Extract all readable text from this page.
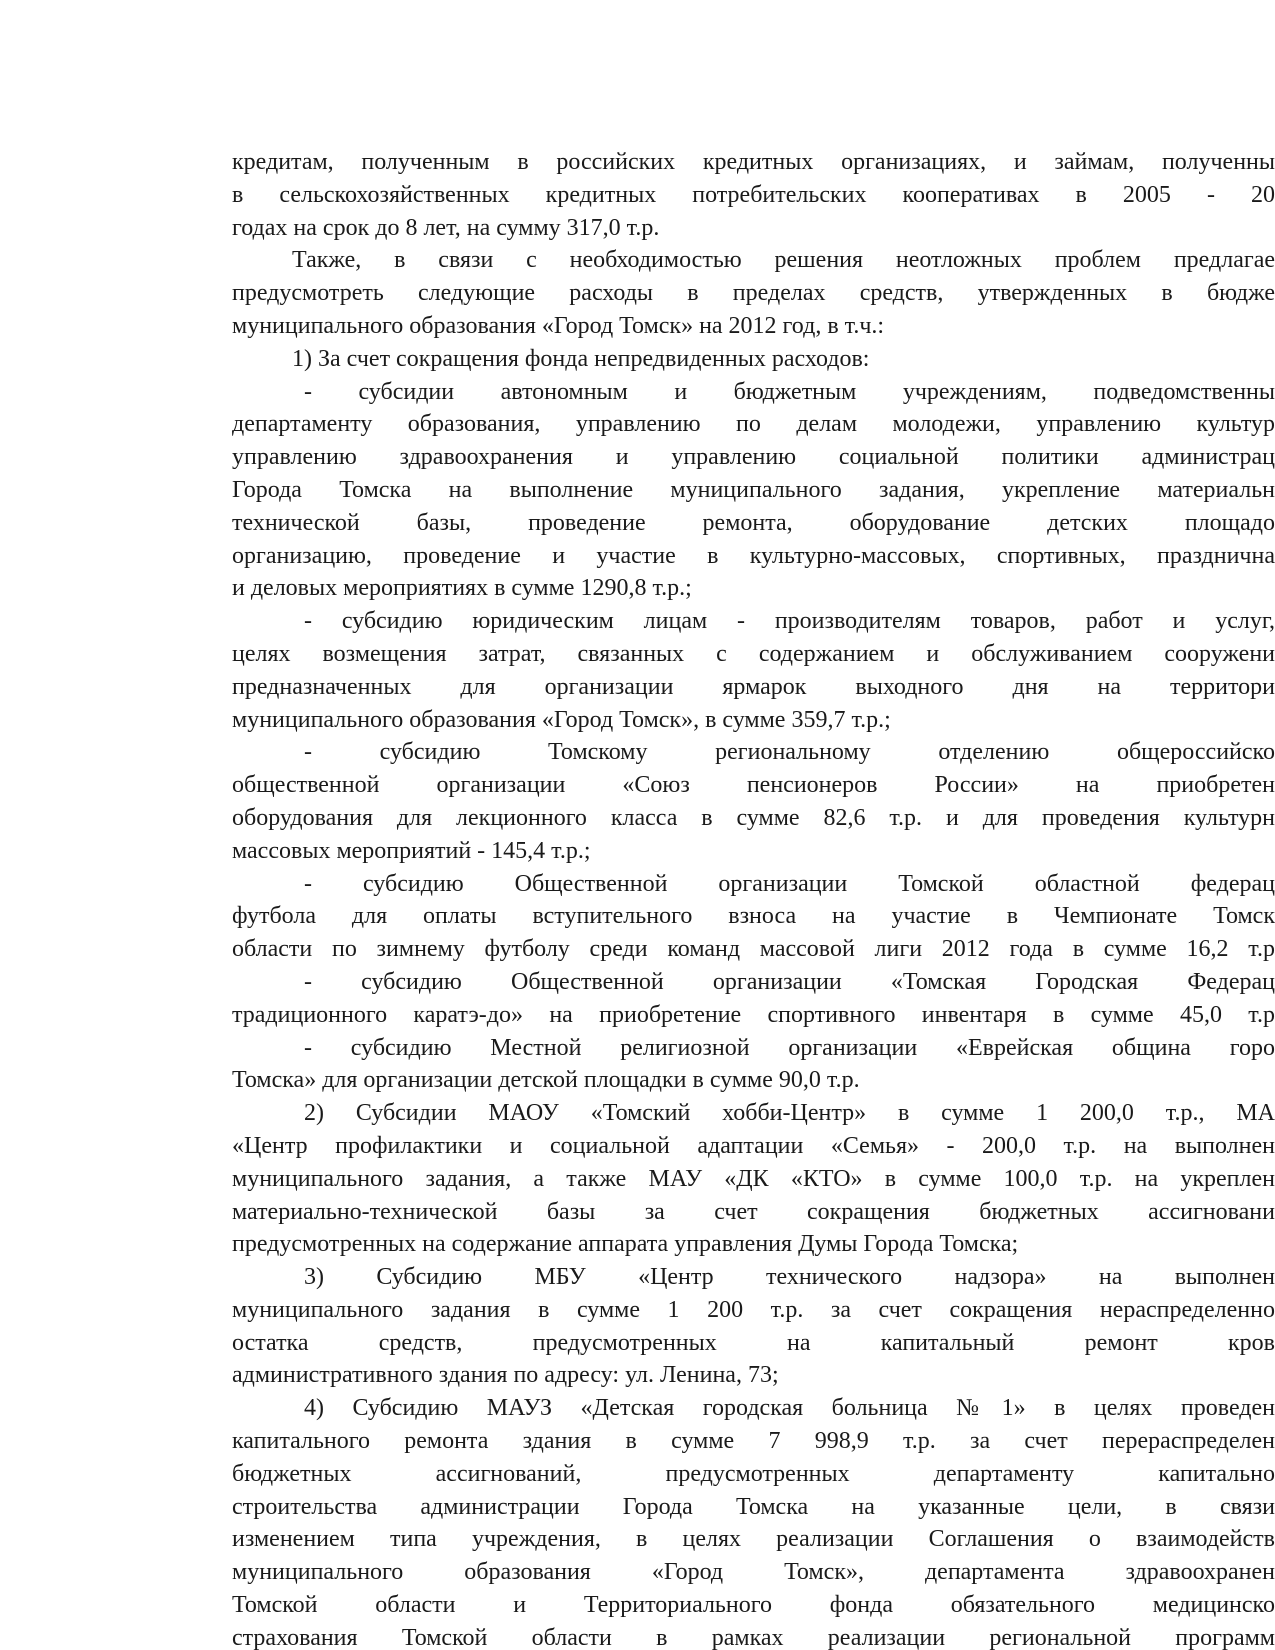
кредитам, полученным в российских кредитных организациях, и займам, полученны
в сельскохозяйственных кредитных потребительских кооперативах в 2005 - 20
годах на срок до 8 лет, на сумму 317,0 т.р.
Также, в связи с необходимостью решения неотложных проблем предлагае
предусмотреть следующие расходы в пределах средств, утвержденных в бюдже
муниципального образования «Город Томск» на 2012 год, в т.ч.:
1) За счет сокращения фонда непредвиденных расходов:
- субсидии автономным и бюджетным учреждениям, подведомственны
департаменту образования, управлению по делам молодежи, управлению культур
управлению здравоохранения и управлению социальной политики администрац
Города Томска на выполнение муниципального задания, укрепление материальн
технической базы, проведение ремонта, оборудование детских площадо
организацию, проведение и участие в культурно-массовых, спортивных, празднична
и деловых мероприятиях в сумме 1290,8 т.р.;
- субсидию юридическим лицам - производителям товаров, работ и услуг,
целях возмещения затрат, связанных с содержанием и обслуживанием сооружени
предназначенных для организации ярмарок выходного дня на территори
муниципального образования «Город Томск», в сумме 359,7 т.р.;
- субсидию Томскому региональному отделению общероссийско
общественной организации «Союз пенсионеров России» на приобретен
оборудования для лекционного класса в сумме 82,6 т.р. и для проведения культурн
массовых мероприятий - 145,4 т.р.;
- субсидию Общественной организации Томской областной федерац
футбола для оплаты вступительного взноса на участие в Чемпионате Томск
области по зимнему футболу среди команд массовой лиги 2012 года в сумме 16,2 т.р
- субсидию Общественной организации «Томская Городская Федерац
традиционного каратэ-до» на приобретение спортивного инвентаря в сумме 45,0 т.р
- субсидию Местной религиозной организации «Еврейская община горо
Томска» для организации детской площадки в сумме 90,0 т.р.
2) Субсидии МАОУ «Томский хобби-Центр» в сумме 1 200,0 т.р., МА
«Центр профилактики и социальной адаптации «Семья» - 200,0 т.р. на выполнен
муниципального задания, а также МАУ «ДК «КТО» в сумме 100,0 т.р. на укреплен
материально-технической базы за счет сокращения бюджетных ассигновани
предусмотренных на содержание аппарата управления Думы Города Томска;
3) Субсидию МБУ «Центр технического надзора» на выполнен
муниципального задания в сумме 1 200 т.р. за счет сокращения нераспределенно
остатка средств, предусмотренных на капитальный ремонт кров
административного здания по адресу: ул. Ленина, 73;
4) Субсидию МАУЗ «Детская городская больница №1» в целях проведен
капитального ремонта здания в сумме 7 998,9 т.р. за счет перераспределен
бюджетных ассигнований, предусмотренных департаменту капитально
строительства администрации Города Томска на указанные цели, в связи
изменением типа учреждения, в целях реализации Соглашения о взаимодейств
муниципального образования «Город Томск», департамента здравоохранен
Томской области и Территориального фонда обязательного медицинско
страхования Томской области в рамках реализации региональной программ
